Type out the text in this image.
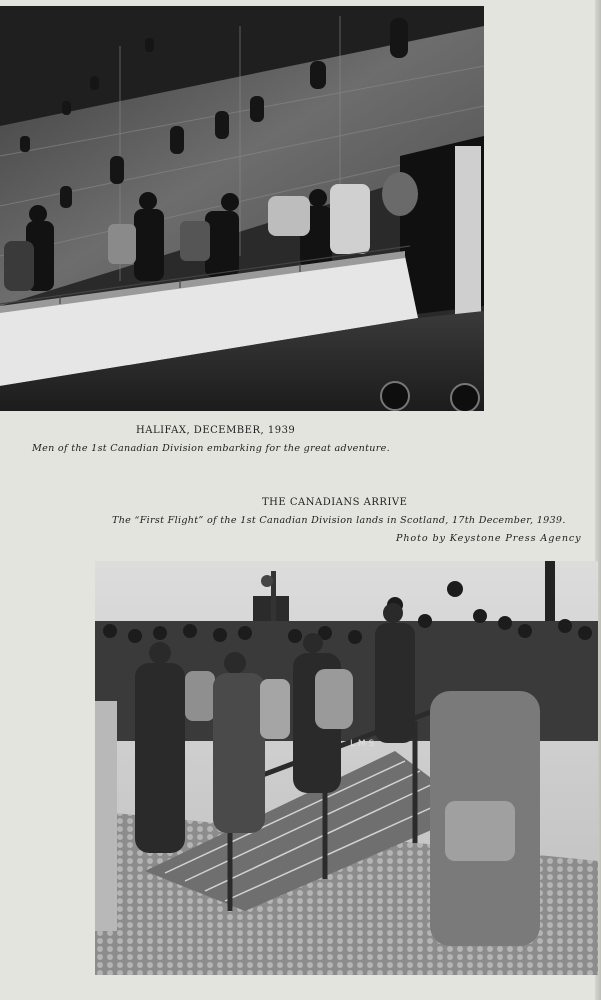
HALIFAX, DECEMBER, 1939
Men of the 1st Canadian Division embarking for the great adventure.
THE CANADIANS ARRIVE
The “First Flight” of the 1st Canadian Division lands in Scotland, 17th December, 1939.
Photo by Keystone Press Agency
L M S
